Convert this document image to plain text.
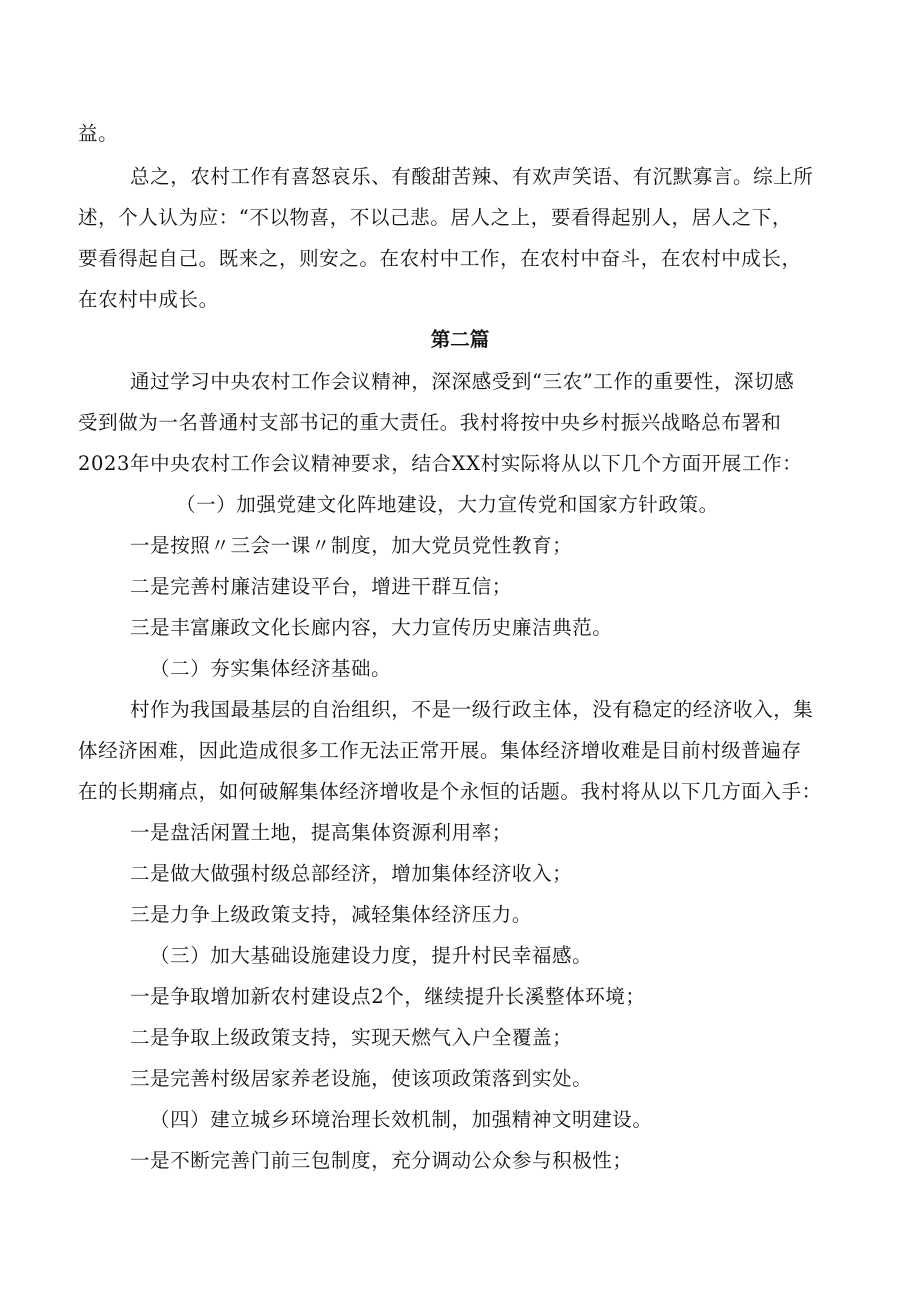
益。
总之，农村工作有喜怒哀乐、有酸甜苦辣、有欢声笑语、有沉默寡言。综上所
述，个人认为应：“不以物喜，不以己悲。居人之上，要看得起别人，居人之下，
要看得起自己。既来之，则安之。在农村中工作，在农村中奋斗，在农村中成长，
在农村中成长。
第二篇
通过学习中央农村工作会议精神，深深感受到“三农”工作的重要性，深切感
受到做为一名普通村支部书记的重大责任。我村将按中央乡村振兴战略总布署和
2023年中央农村工作会议精神要求，结合XX村实际将从以下几个方面开展工作：
（一）加强党建文化阵地建设，大力宣传党和国家方针政策。
一是按照〃三会一课〃制度，加大党员党性教育；
二是完善村廉洁建设平台，增进干群互信；
三是丰富廉政文化长廊内容，大力宣传历史廉洁典范。
（二）夯实集体经济基础。
村作为我国最基层的自治组织，不是一级行政主体，没有稳定的经济收入，集
体经济困难，因此造成很多工作无法正常开展。集体经济增收难是目前村级普遍存
在的长期痛点，如何破解集体经济增收是个永恒的话题。我村将从以下几方面入手：
一是盘活闲置土地，提高集体资源利用率；
二是做大做强村级总部经济，增加集体经济收入；
三是力争上级政策支持，减轻集体经济压力。
（三）加大基础设施建设力度，提升村民幸福感。
一是争取增加新农村建设点2个，继续提升长溪整体环境；
二是争取上级政策支持，实现天燃气入户全覆盖；
三是完善村级居家养老设施，使该项政策落到实处。
（四）建立城乡环境治理长效机制，加强精神文明建设。
一是不断完善门前三包制度，充分调动公众参与积极性；
